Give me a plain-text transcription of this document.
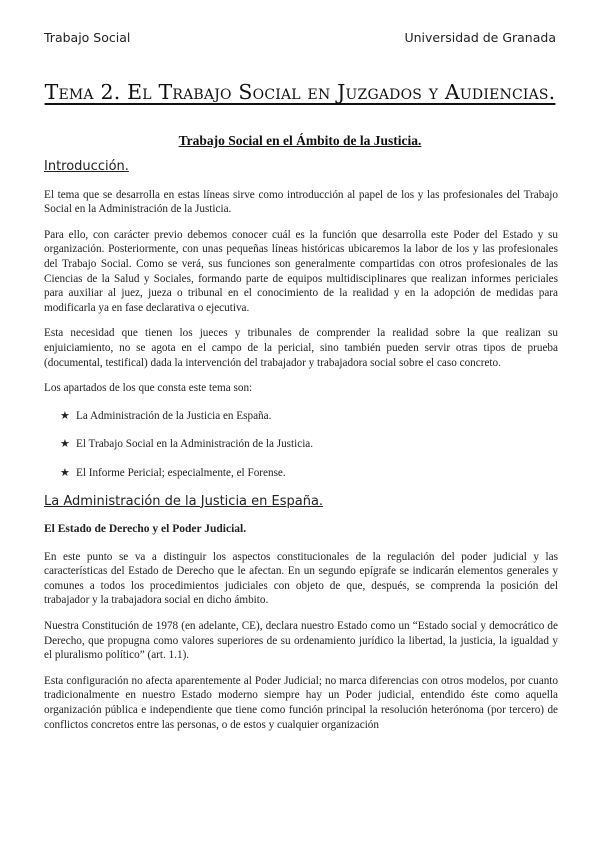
Trabajo Social	Universidad de Granada
Tema 2. El Trabajo Social en Juzgados y Audiencias.
Trabajo Social en el Ámbito de la Justicia.
Introducción.

El tema que se desarrolla en estas líneas sirve como introducción al papel de los y las profesionales del Trabajo Social en la Administración de la Justicia.

Para ello, con carácter previo debemos conocer cuál es la función que desarrolla este Poder del Estado y su organización. Posteriormente, con unas pequeñas líneas históricas ubicaremos la labor de los y las profesionales del Trabajo Social. Como se verá, sus funciones son generalmente compartidas con otros profesionales de las Ciencias de la Salud y Sociales, formando parte de equipos multidisciplinares que realizan informes periciales para auxiliar al juez, jueza o tribunal en el conocimiento de la realidad y en la adopción de medidas para modificarla ya en fase declarativa o ejecutiva.

Esta necesidad que tienen los jueces y tribunales de comprender la realidad sobre la que realizan su enjuiciamiento, no se agota en el campo de la pericial, sino también pueden servir otras tipos de prueba (documental, testifical) dada la intervención del trabajador y trabajadora social sobre el caso concreto.

Los apartados de los que consta este tema son:

★ La Administración de la Justicia en España.
★ El Trabajo Social en la Administración de la Justicia.
★ El Informe Pericial; especialmente, el Forense.
La Administración de la Justicia en España.
El Estado de Derecho y el Poder Judicial.

En este punto se va a distinguir los aspectos constitucionales de la regulación del poder judicial y las características del Estado de Derecho que le afectan. En un segundo epígrafe se indicarán elementos generales y comunes a todos los procedimientos judiciales con objeto de que, después, se comprenda la posición del trabajador y la trabajadora social en dicho ámbito.

Nuestra Constitución de 1978 (en adelante, CE), declara nuestro Estado como un “Estado social y democrático de Derecho, que propugna como valores superiores de su ordenamiento jurídico la libertad, la justicia, la igualdad y el pluralismo político” (art. 1.1).

Esta configuración no afecta aparentemente al Poder Judicial; no marca diferencias con otros modelos, por cuanto tradicionalmente en nuestro Estado moderno siempre hay un Poder judicial, entendido éste como aquella organización pública e independiente que tiene como función principal la resolución heterónoma (por tercero) de conflictos concretos entre las personas, o de estos y cualquier organización
